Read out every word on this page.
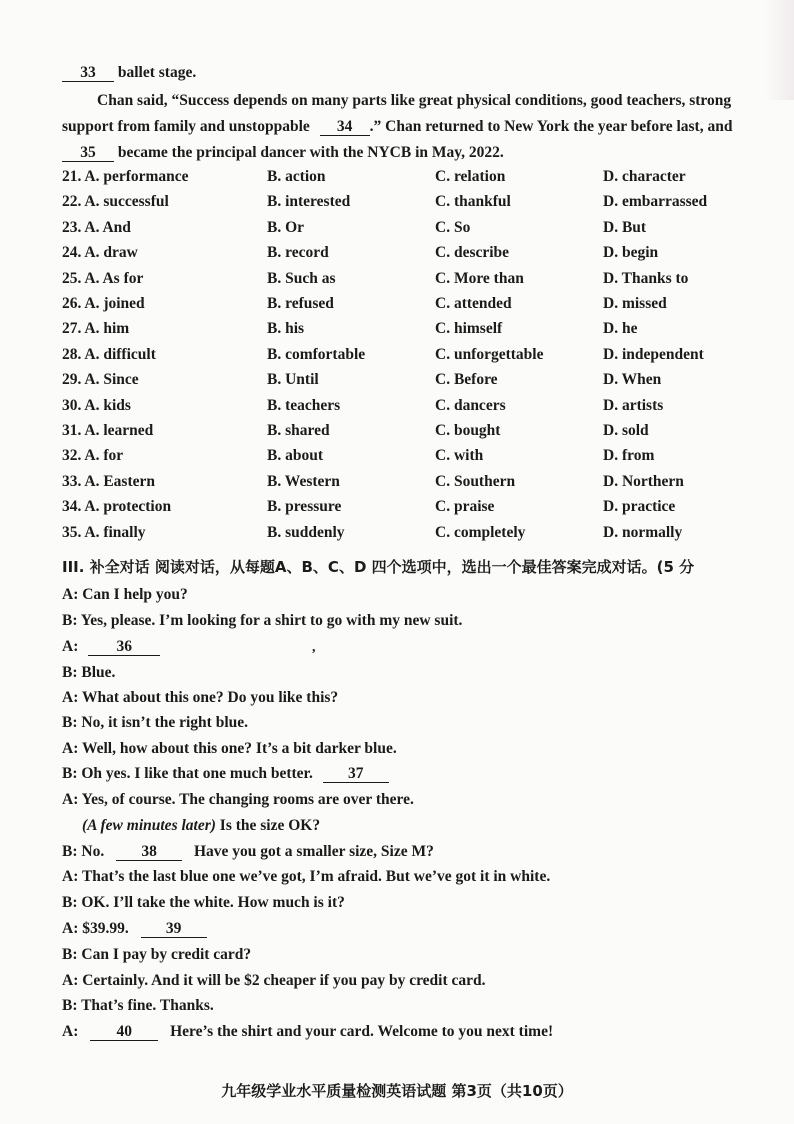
33 ballet stage.
Chan said, “Success depends on many parts like great physical conditions, good teachers, strong
support from family and unstoppable 34 .” Chan returned to New York the year before last, and
35 became the principal dancer with the NYCB in May, 2022.
21. A. performance	B. action	C. relation	D. character
22. A. successful	B. interested	C. thankful	D. embarrassed
23. A. And	B. Or	C. So	D. But
24. A. draw	B. record	C. describe	D. begin
25. A. As for	B. Such as	C. More than	D. Thanks to
26. A. joined	B. refused	C. attended	D. missed
27. A. him	B. his	C. himself	D. he
28. A. difficult	B. comfortable	C. unforgettable	D. independent
29. A. Since	B. Until	C. Before	D. When
30. A. kids	B. teachers	C. dancers	D. artists
31. A. learned	B. shared	C. bought	D. sold
32. A. for	B. about	C. with	D. from
33. A. Eastern	B. Western	C. Southern	D. Northern
34. A. protection	B. pressure	C. praise	D. practice
35. A. finally	B. suddenly	C. completely	D. normally
III. 补全对话 阅读对话，从每题A、B、C、D 四个选项中，选出一个最佳答案完成对话。(5 分
A: Can I help you?
B: Yes, please. I’m looking for a shirt to go with my new suit.
A: 36	,
B: Blue.
A: What about this one? Do you like this?
B: No, it isn’t the right blue.
A: Well, how about this one? It’s a bit darker blue.
B: Oh yes. I like that one much better. 37
A: Yes, of course. The changing rooms are over there.
(A few minutes later) Is the size OK?
B: No. 38 Have you got a smaller size, Size M?
A: That’s the last blue one we’ve got, I’m afraid. But we’ve got it in white.
B: OK. I’ll take the white. How much is it?
A: $39.99. 39
B: Can I pay by credit card?
A: Certainly. And it will be $2 cheaper if you pay by credit card.
B: That’s fine. Thanks.
A: 40 Here’s the shirt and your card. Welcome to you next time!
九年级学业水平质量检测英语试题 第3页（共10页）
